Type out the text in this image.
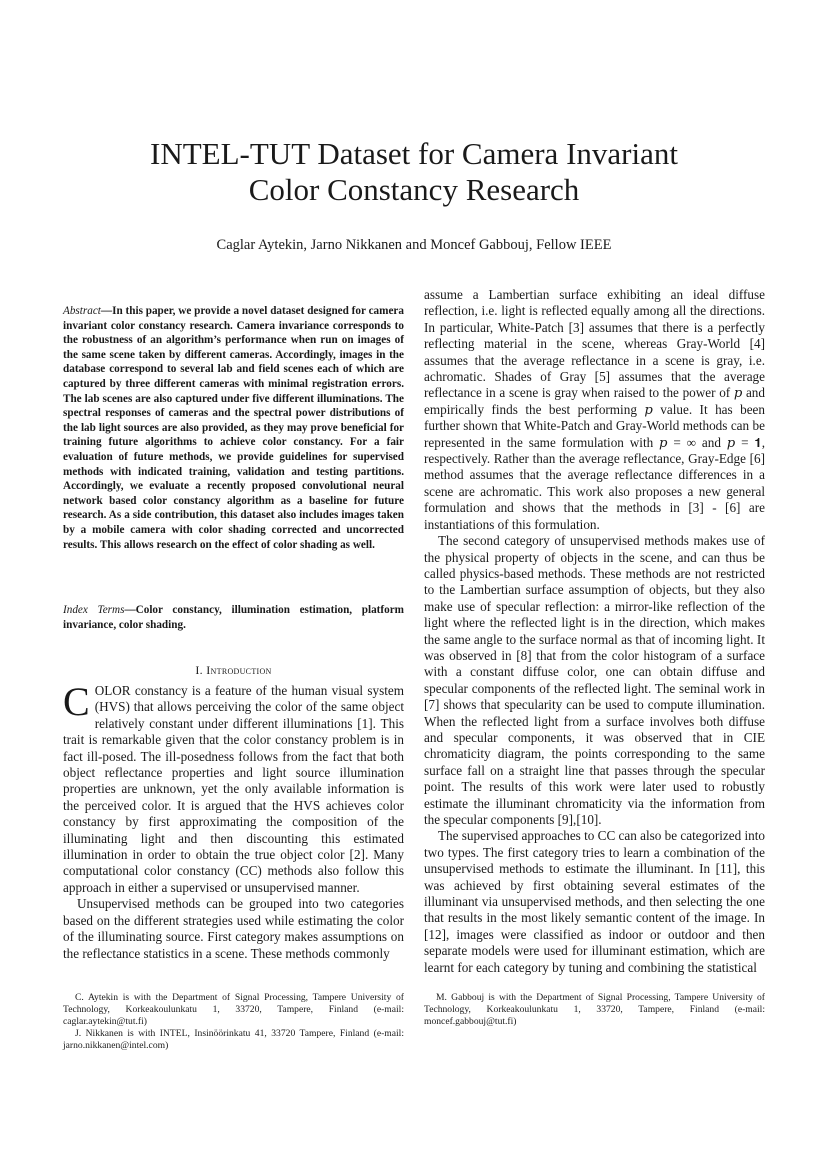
INTEL-TUT Dataset for Camera Invariant
Color Constancy Research
Caglar Aytekin, Jarno Nikkanen and Moncef Gabbouj, Fellow IEEE
Abstract—In this paper, we provide a novel dataset designed for camera invariant color constancy research. Camera invariance corresponds to the robustness of an algorithm’s performance when run on images of the same scene taken by different cameras. Accordingly, images in the database correspond to several lab and field scenes each of which are captured by three different cameras with minimal registration errors. The lab scenes are also captured under five different illuminations. The spectral responses of cameras and the spectral power distributions of the lab light sources are also provided, as they may prove beneficial for training future algorithms to achieve color constancy. For a fair evaluation of future methods, we provide guidelines for supervised methods with indicated training, validation and testing partitions. Accordingly, we evaluate a recently proposed convolutional neural network based color constancy algorithm as a baseline for future research. As a side contribution, this dataset also includes images taken by a mobile camera with color shading corrected and uncorrected results. This allows research on the effect of color shading as well.
Index Terms—Color constancy, illumination estimation, platform invariance, color shading.
I. Introduction

COLOR constancy is a feature of the human visual system (HVS) that allows perceiving the color of the same object relatively constant under different illuminations [1]. This trait is remarkable given that the color constancy problem is in fact ill-posed. The ill-posedness follows from the fact that both object reflectance properties and light source illumination properties are unknown, yet the only available information is the perceived color. It is argued that the HVS achieves color constancy by first approximating the composition of the illuminating light and then discounting this estimated illumination in order to obtain the true object color [2]. Many computational color constancy (CC) methods also follow this approach in either a supervised or unsupervised manner.

Unsupervised methods can be grouped into two categories based on the different strategies used while estimating the color of the illuminating source. First category makes assumptions on the reflectance statistics in a scene. These methods commonly

assume a Lambertian surface exhibiting an ideal diffuse reflection, i.e. light is reflected equally among all the directions. In particular, White-Patch [3] assumes that there is a perfectly reflecting material in the scene, whereas Gray-World [4] assumes that the average reflectance in a scene is gray, i.e. achromatic. Shades of Gray [5] assumes that the average reflectance in a scene is gray when raised to the power of 𝑝 and empirically finds the best performing 𝑝 value. It has been further shown that White-Patch and Gray-World methods can be represented in the same formulation with 𝑝 = ∞ and 𝑝 = 𝟏, respectively. Rather than the average reflectance, Gray-Edge [6] method assumes that the average reflectance differences in a scene are achromatic. This work also proposes a new general formulation and shows that the methods in [3] - [6] are instantiations of this formulation.

The second category of unsupervised methods makes use of the physical property of objects in the scene, and can thus be called physics-based methods. These methods are not restricted to the Lambertian surface assumption of objects, but they also make use of specular reflection: a mirror-like reflection of the light where the reflected light is in the direction, which makes the same angle to the surface normal as that of incoming light. It was observed in [8] that from the color histogram of a surface with a constant diffuse color, one can obtain diffuse and specular components of the reflected light. The seminal work in [7] shows that specularity can be used to compute illumination. When the reflected light from a surface involves both diffuse and specular components, it was observed that in CIE chromaticity diagram, the points corresponding to the same surface fall on a straight line that passes through the specular point. The results of this work were later used to robustly estimate the illuminant chromaticity via the information from the specular components [9],[10].

The supervised approaches to CC can also be categorized into two types. The first category tries to learn a combination of the unsupervised methods to estimate the illuminant. In [11], this was achieved by first obtaining several estimates of the illuminant via unsupervised methods, and then selecting the one that results in the most likely semantic content of the image. In [12], images were classified as indoor or outdoor and then separate models were used for illuminant estimation, which are learnt for each category by tuning and combining the statistical

C. Aytekin is with the Department of Signal Processing, Tampere University of Technology, Korkeakoulunkatu 1, 33720, Tampere, Finland (e-mail: caglar.aytekin@tut.fi)

J. Nikkanen is with INTEL, Insinöörinkatu 41, 33720 Tampere, Finland (e-mail: jarno.nikkanen@intel.com)

M. Gabbouj is with the Department of Signal Processing, Tampere University of Technology, Korkeakoulunkatu 1, 33720, Tampere, Finland (e-mail: moncef.gabbouj@tut.fi)
